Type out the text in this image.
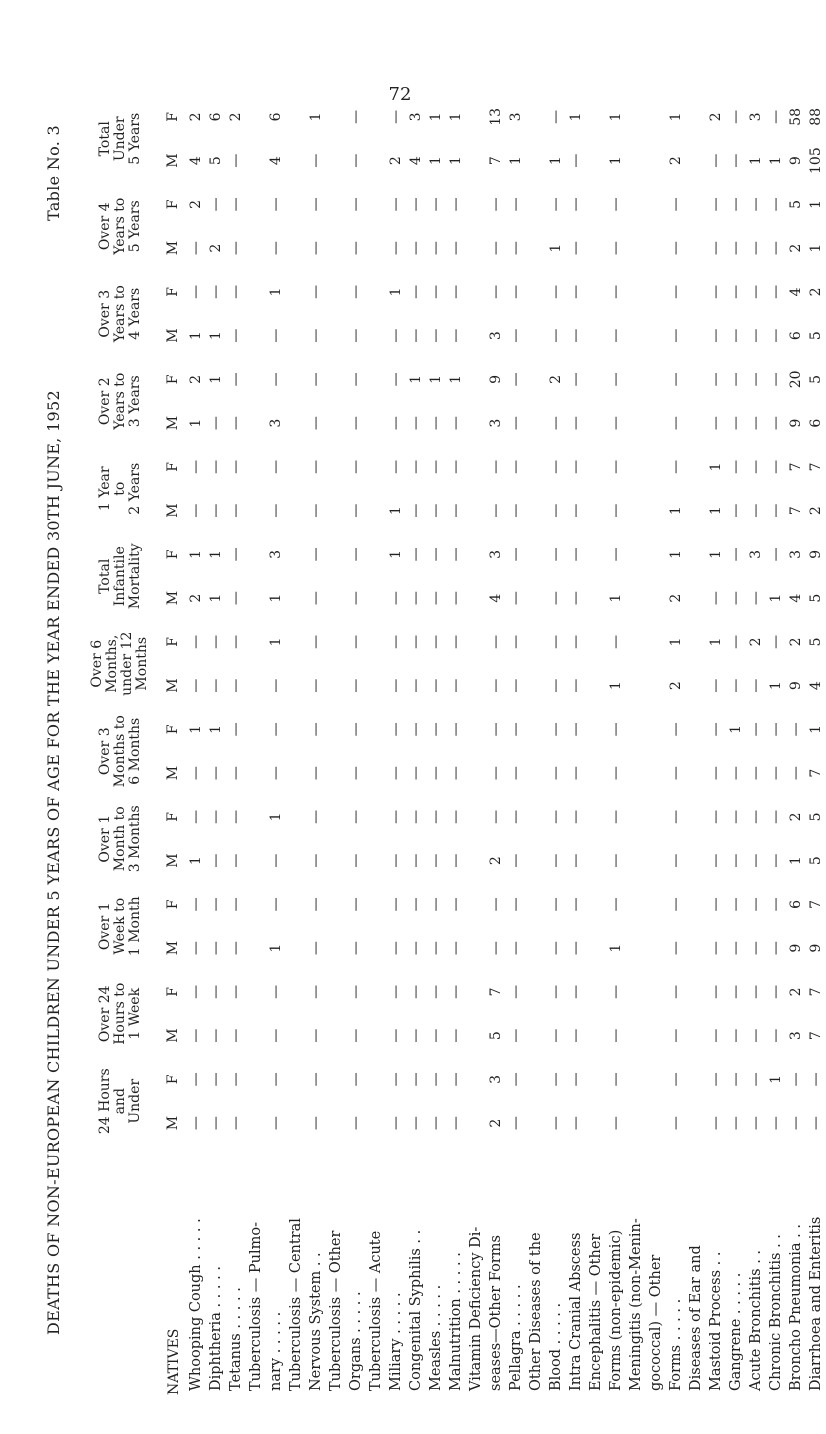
72
DEATHS OF NON-EUROPEAN CHILDREN UNDER 5 YEARS OF AGE FOR THE YEAR ENDED 30TH JUNE, 1952
Table No. 3
NATIVES	24 Hours and Under		Over 24 Hours to 1 Week		Over 1 Week to 1 Month		Over 1 Month to 3 Months		Over 3 Months to 6 Months		Over 6 Months, under 12 Months		Total Infantile Mortality		1 Year to 2 Years		Over 2 Years to 3 Years		Over 3 Years to 4 Years		Over 4 Years to 5 Years		Total Under 5 Years	

	M	F	M	F	M	F	M	F	M	F	M	F	M	F	M	F	M	F	M	F	M	F	M	F
Whooping Cough . . . . .	—	—	—	—	—	—	1	—	—	1	—	—	2	1	—	—	1	2	1	—	—	2	4	2
Diphtheria . . . . .	—	—	—	—	—	—	—	—	—	1	—	—	1	1	—	—	—	1	1	—	2	—	5	6
Tetanus . . . . .	—	—	—	—	—	—	—	—	—	—	—	—	—	—	—	—	—	—	—	—	—	—	—	2
Tuberculosis — Pulmo-																								
nary . . . . .	—	—	—	—	1	—	—	1	—	—	—	1	1	3	—	—	3	—	—	1	—	—	4	6
Tuberculosis — Central																								
Nervous System . .	—	—	—	—	—	—	—	—	—	—	—	—	—	—	—	—	—	—	—	—	—	—	—	1
Tuberculosis — Other																								
Organs . . . . .	—	—	—	—	—	—	—	—	—	—	—	—	—	—	—	—	—	—	—	—	—	—	—	—
Tuberculosis — Acute																								
Miliary . . . . .	—	—	—	—	—	—	—	—	—	—	—	—	—	1	1	—	—	—	—	1	—	—	2	—
Congenital Syphilis . .	—	—	—	—	—	—	—	—	—	—	—	—	—	—	—	—	—	1	—	—	—	—	4	3
Measles . . . . .	—	—	—	—	—	—	—	—	—	—	—	—	—	—	—	—	—	1	—	—	—	—	1	1
Malnutrition . . . . .	—	—	—	—	—	—	—	—	—	—	—	—	—	—	—	—	—	1	—	—	—	—	1	1
Vitamin Deficiency Di-																								
seases—Other Forms	2	3	5	7	—	—	2	—	—	—	—	—	4	3	—	—	3	9	3	—	—	—	7	13
Pellagra . . . . .	—	—	—	—	—	—	—	—	—	—	—	—	—	—	—	—	—	—	—	—	—	—	1	3
Other Diseases of the																								
Blood . . . . .	—	—	—	—	—	—	—	—	—	—	—	—	—	—	—	—	—	2	—	—	1	—	1	—
Intra Cranial Abscess	—	—	—	—	—	—	—	—	—	—	—	—	—	—	—	—	—	—	—	—	—	—	—	1
Encephalitis — Other																								
Forms (non-epidemic)	—	—	—	—	1	—	—	—	—	—	1	—	1	—	—	—	—	—	—	—	—	—	1	1
Meningitis (non-Menin-																								
gococcal) — Other																								
Forms . . . . .	—	—	—	—	—	—	—	—	—	—	2	1	2	1	1	—	—	—	—	—	—	—	2	1
Diseases of Ear and																								
Mastoid Process . .	—	—	—	—	—	—	—	—	—	—	—	1	—	1	1	1	—	—	—	—	—	—	—	2
Gangrene . . . . .	—	—	—	—	—	—	—	—	—	1	—	—	—	—	—	—	—	—	—	—	—	—	—	—
Acute Bronchitis . .	—	—	—	—	—	—	—	—	—	—	—	2	—	3	—	—	—	—	—	—	—	—	1	3
Chronic Bronchitis . .	—	1	—	—	—	—	—	—	—	—	1	—	1	—	—	—	—	—	—	—	—	—	1	—
Broncho Pneumonia . .	—	—	3	2	9	6	1	2	—	—	9	2	4	3	7	7	9	20	6	4	2	5	9	58
Diarrhoea and Enteritis	—	—	7	7	9	7	5	5	7	1	4	5	5	9	2	7	6	5	5	2	1	1	105	88
